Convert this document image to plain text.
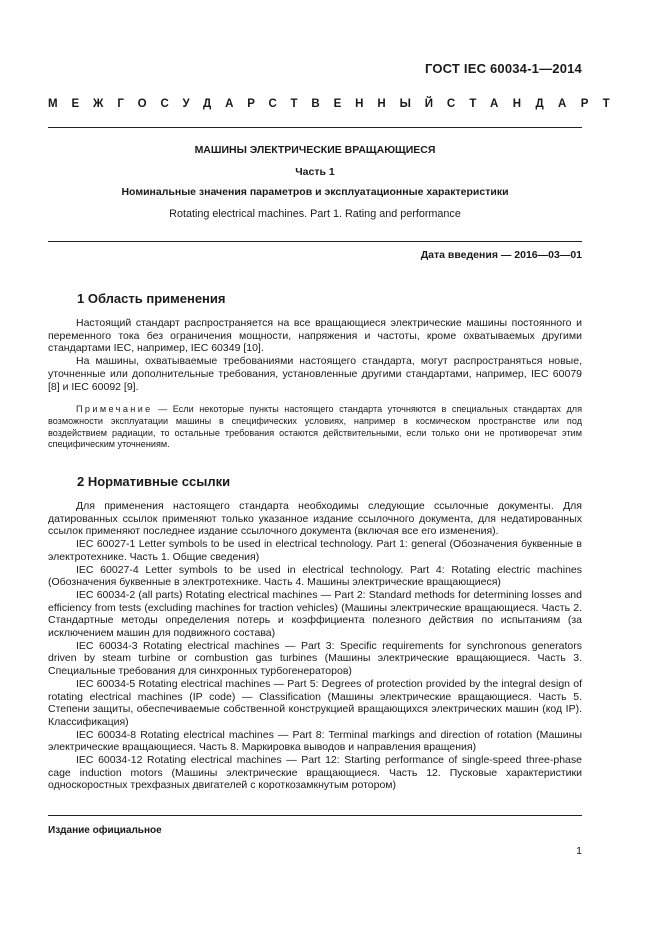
ГОСТ IEC 60034-1—2014
МЕЖГОСУДАРСТВЕННЫЙ СТАНДАРТ
МАШИНЫ ЭЛЕКТРИЧЕСКИЕ ВРАЩАЮЩИЕСЯ
Часть 1
Номинальные значения параметров и эксплуатационные характеристики
Rotating electrical machines. Part 1. Rating and performance
Дата введения — 2016—03—01
1 Область применения

Настоящий стандарт распространяется на все вращающиеся электрические машины постоянного и переменного тока без ограничения мощности, напряжения и частоты, кроме охватываемых другими стандартами IEC, например, IEC 60349 [10].

На машины, охватываемые требованиями настоящего стандарта, могут распространяться новые, уточненные или дополнительные требования, установленные другими стандартами, например, IEC 60079 [8] и IEC 60092 [9].

Примечание — Если некоторые пункты настоящего стандарта уточняются в специальных стандартах для возможности эксплуатации машины в специфических условиях, например в космическом пространстве или под воздействием радиации, то остальные требования остаются действительными, если только они не противоречат этим специфическим уточнениям.

2 Нормативные ссылки

Для применения настоящего стандарта необходимы следующие ссылочные документы. Для датированных ссылок применяют только указанное издание ссылочного документа, для недатированных ссылок применяют последнее издание ссылочного документа (включая все его изменения).

IEC 60027-1 Letter symbols to be used in electrical technology. Part 1: general (Обозначения буквенные в электротехнике. Часть 1. Общие сведения)

IEC 60027-4 Letter symbols to be used in electrical technology. Part 4: Rotating electric machines (Обозначения буквенные в электротехнике. Часть 4. Машины электрические вращающиеся)

IEC 60034-2 (all parts) Rotating electrical machines — Part 2: Standard methods for determining losses and efficiency from tests (excluding machines for traction vehicles) (Машины электрические вращающиеся. Часть 2. Стандартные методы определения потерь и коэффициента полезного действия по испытаниям (за исключением машин для подвижного состава)

IEC 60034-3 Rotating electrical machines — Part 3: Specific requirements for synchronous generators driven by steam turbine or combustion gas turbines (Машины электрические вращающиеся. Часть 3. Специальные требования для синхронных турбогенераторов)

IEC 60034-5 Rotating electrical machines — Part 5: Degrees of protection provided by the integral design of rotating electrical machines (IP code) — Classification (Машины электрические вращающиеся. Часть 5. Степени защиты, обеспечиваемые собственной конструкцией вращающихся электрических машин (код IP). Классификация)

IEC 60034-8 Rotating electrical machines — Part 8: Terminal markings and direction of rotation (Машины электрические вращающиеся. Часть 8. Маркировка выводов и направления вращения)

IEC 60034-12 Rotating electrical machines — Part 12: Starting performance of single-speed three-phase cage induction motors (Машины электрические вращающиеся. Часть 12. Пусковые характеристики односкоростных трехфазных двигателей с короткозамкнутым ротором)

Издание официальное
1
